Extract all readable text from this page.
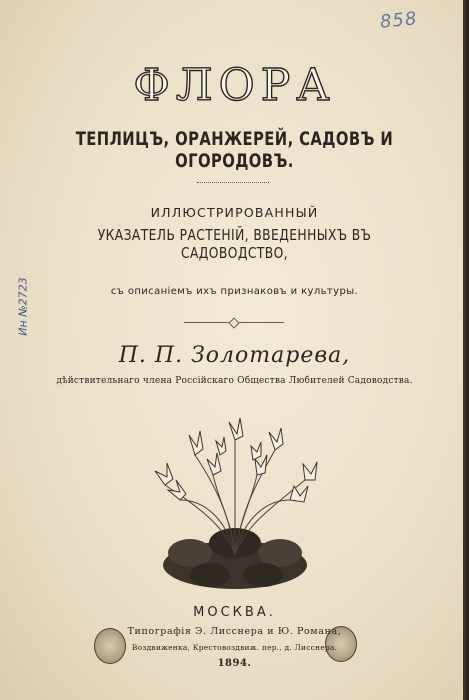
858
Ин №2723
ФЛОРА
ТЕПЛИЦЪ, ОРАНЖЕРЕЙ, САДОВЪ И ОГОРОДОВЪ.
ИЛЛЮСТРИРОВАННЫЙ
УКАЗАТЕЛЬ РАСТЕНІЙ, ВВЕДЕННЫХЪ ВЪ САДОВОДСТВО,
съ описаніемъ ихъ признаковъ и культуры.
П. П. Золотарева,
дѣйствительнаго члена Россійскаго Общества Любителей Садоводства.
МОСКВА.
Типографія Э. Лисснера и Ю. Романа,
Воздвиженка, Крестовоздвиж. пер., д. Лисснера.
1894.
